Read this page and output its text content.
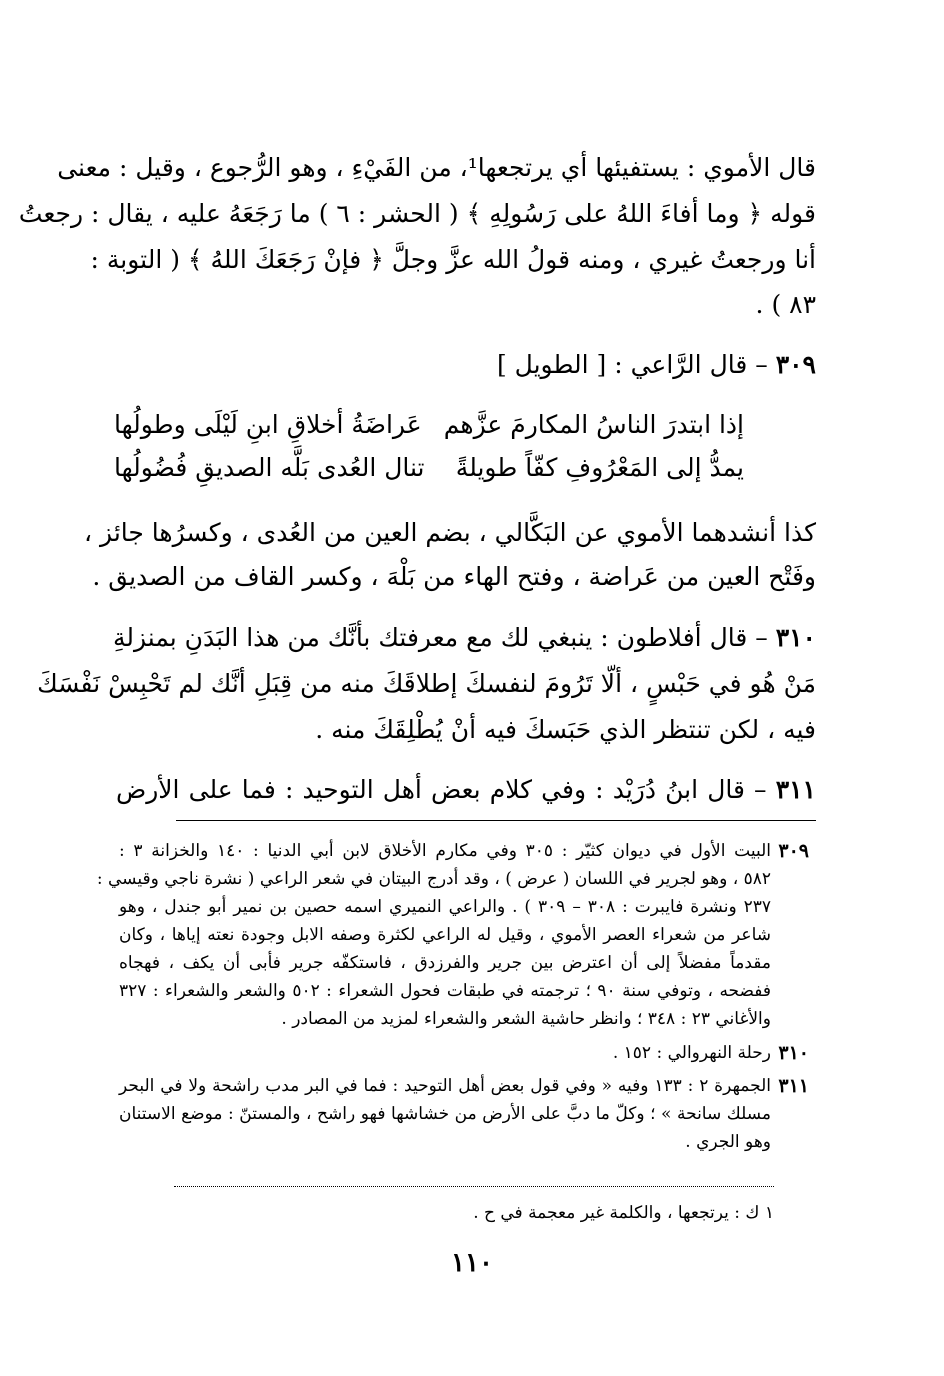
قال الأموي : يستفيئها أي يرتجعها¹، من الفَيْءِ ، وهو الرُّجوع ، وقيل : معنى
قوله ﴿ وما أفاءَ اللهُ على رَسُولِهِ ﴾ ( الحشر : ٦ ) ما رَجَعَهُ عليه ، يقال : رجعتُ
أنا ورجعتُ غيري ، ومنه قولُ الله عزَّ وجلَّ ﴿ فإنْ رَجَعَكَ اللهُ ﴾ ( التوبة :
٨٣ ) .
٣٠٩ – قال الرَّاعي : [ الطويل ]
إذا ابتدرَ الناسُ المكارمَ عزَّهم
عَراضَةُ أخلاقِ ابنِ لَيْلَى وطولُها
يمدُّ إلى المَعْرُوفِ كفّاً طويلةً
تنال العُدى بَلَّه الصديقِ فُضُولُها
كذا أنشدهما الأموي عن البَكَّالي ، بضم العين من العُدى ، وكسرُها جائز ،
وفَتْح العين من عَراضة ، وفتح الهاء من بَلْهَ ، وكسر القاف من الصديق .
٣١٠ – قال أفلاطون : ينبغي لك مع معرفتك بأنَّك من هذا البَدَنِ بمنزلةِ
مَنْ هُو في حَبْسٍ ، ألّا تَرُومَ لنفسكَ إطلاقَكَ منه من قِبَلِ أنَّك لم تَحْبِسْ نَفْسَكَ
فيه ، لكن تنتظر الذي حَبَسكَ فيه أنْ يُطْلِقَكَ منه .
٣١١ – قال ابنُ دُرَيْد : وفي كلام بعض أهل التوحيد : فما على الأرض
٣٠٩
البيت الأول في ديوان كثيّر : ٣٠٥ وفي مكارم الأخلاق لابن أبي الدنيا : ١٤٠ والخزانة ٣ :
٥٨٢ ، وهو لجرير في اللسان ( عرض ) ، وقد أدرج البيتان في شعر الراعي ( نشرة ناجي وقيسي :
٢٣٧ ونشرة فايبرت : ٣٠٨ – ٣٠٩ ) . والراعي النميري اسمه حصين بن نمير أبو جندل ، وهو
شاعر من شعراء العصر الأموي ، وقيل له الراعي لكثرة وصفه الابل وجودة نعته إياها ، وكان
مقدماً مفضلاً إلى أن اعترض بين جرير والفرزدق ، فاستكفّه جرير فأبى أن يكف ، فهجاه
ففضحه ، وتوفي سنة ٩٠ ؛ ترجمته في طبقات فحول الشعراء : ٥٠٢ والشعر والشعراء : ٣٢٧
والأغاني ٢٣ : ٣٤٨ ؛ وانظر حاشية الشعر والشعراء لمزيد من المصادر .
٣١٠
رحلة النهروالي : ١٥٢ .
٣١١
الجمهرة ٢ : ١٣٣ وفيه « وفي قول بعض أهل التوحيد : فما في البر مدب راشحة ولا في البحر
مسلك سانحة » ؛ وكلّ ما دبَّ على الأرض من خشاشها فهو راشح ، والمستنّ : موضع الاستنان
وهو الجري .
١ ك : يرتجعها ، والكلمة غير معجمة في ح .
١١٠
